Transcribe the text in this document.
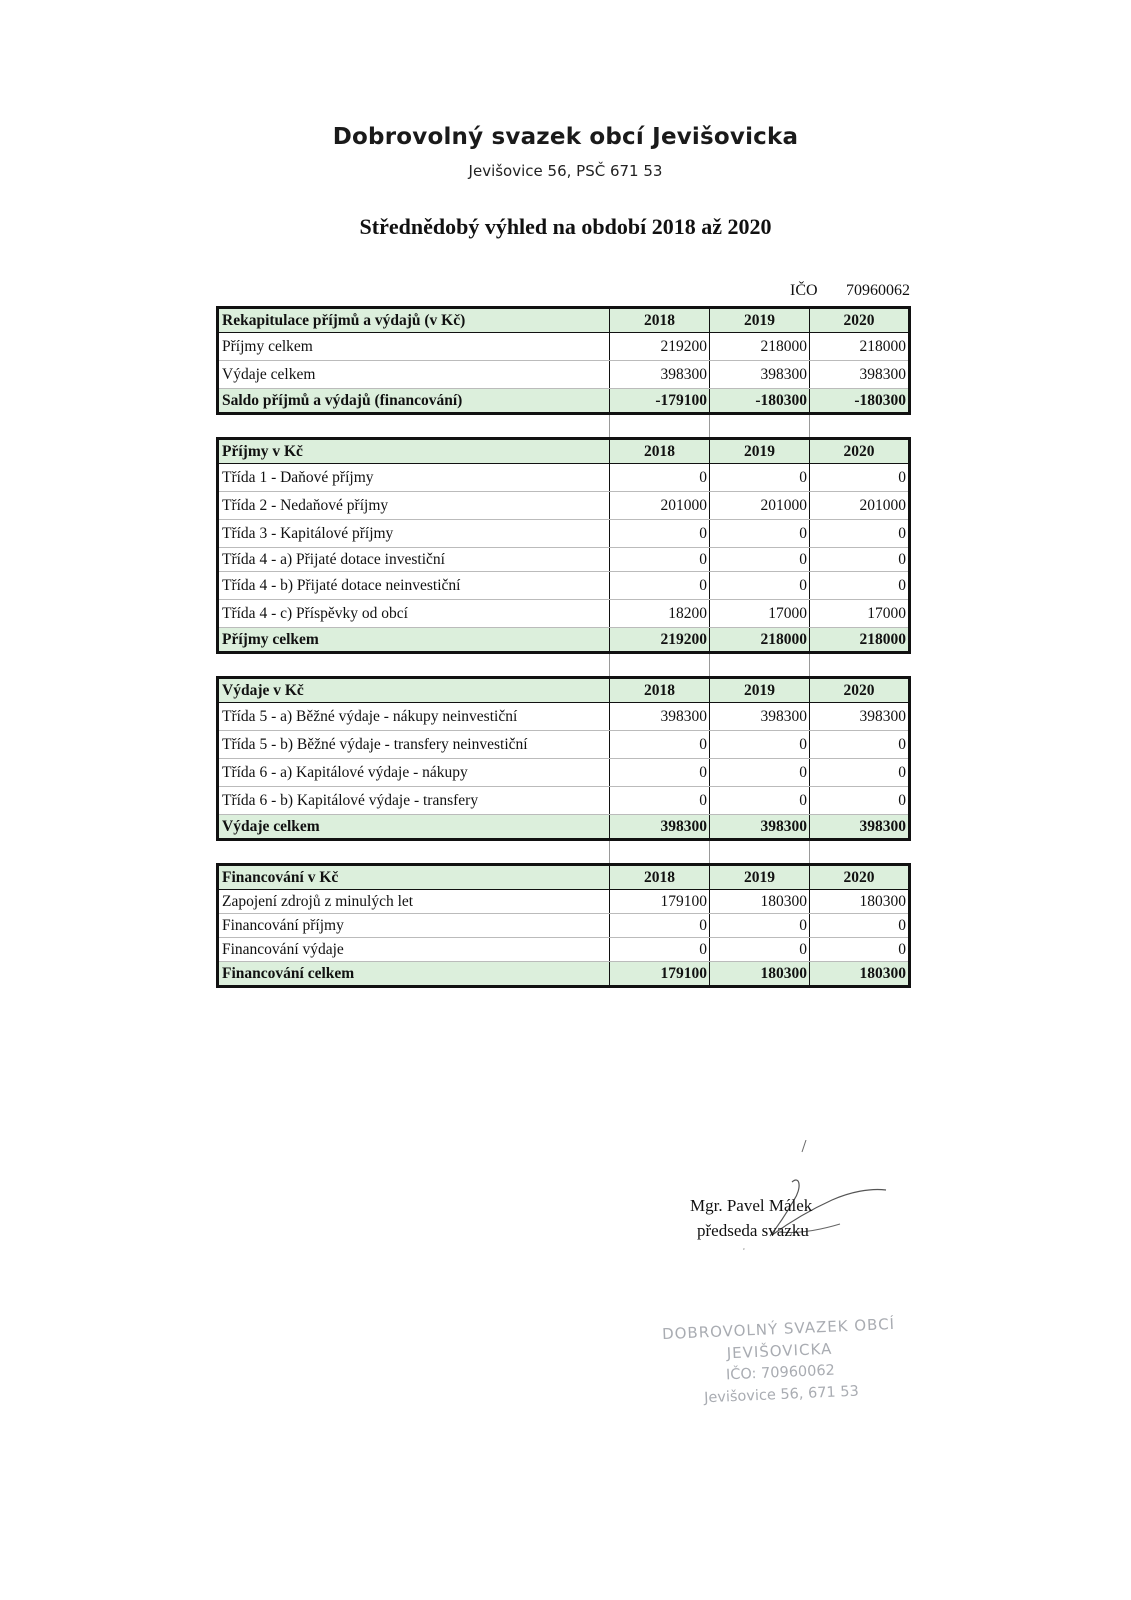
Dobrovolný svazek obcí Jevišovicka
Jevišovice 56, PSČ 671 53
Střednědobý výhled na období 2018 až 2020
IČO 70960062
Rekapitulace příjmů a výdajů (v Kč)	2018	2019	2020
Příjmy celkem	219200	218000	218000
Výdaje celkem	398300	398300	398300
Saldo příjmů a výdajů (financování)	-179100	-180300	-180300

Příjmy v Kč	2018	2019	2020
Třída 1 - Daňové příjmy	0	0	0
Třída 2 - Nedaňové příjmy	201000	201000	201000
Třída 3 - Kapitálové příjmy	0	0	0
Třída 4 - a) Přijaté dotace investiční	0	0	0
Třída 4 - b) Přijaté dotace neinvestiční	0	0	0
Třída 4 - c) Příspěvky od obcí	18200	17000	17000
Příjmy celkem	219200	218000	218000

Výdaje v Kč	2018	2019	2020
Třída 5 - a) Běžné výdaje - nákupy neinvestiční	398300	398300	398300
Třída 5 - b) Běžné výdaje - transfery neinvestiční	0	0	0
Třída 6 - a) Kapitálové výdaje - nákupy	0	0	0
Třída 6 - b) Kapitálové výdaje - transfery	0	0	0
Výdaje celkem	398300	398300	398300

Financování v Kč	2018	2019	2020
Zapojení zdrojů z minulých let	179100	180300	180300
Financování příjmy	0	0	0
Financování výdaje	0	0	0
Financování celkem	179100	180300	180300
Mgr. Pavel Málek
předseda svazku
DOBROVOLNÝ SVAZEK OBCÍ
JEVIŠOVICKA
IČO: 70960062
Jevišovice 56, 671 53
